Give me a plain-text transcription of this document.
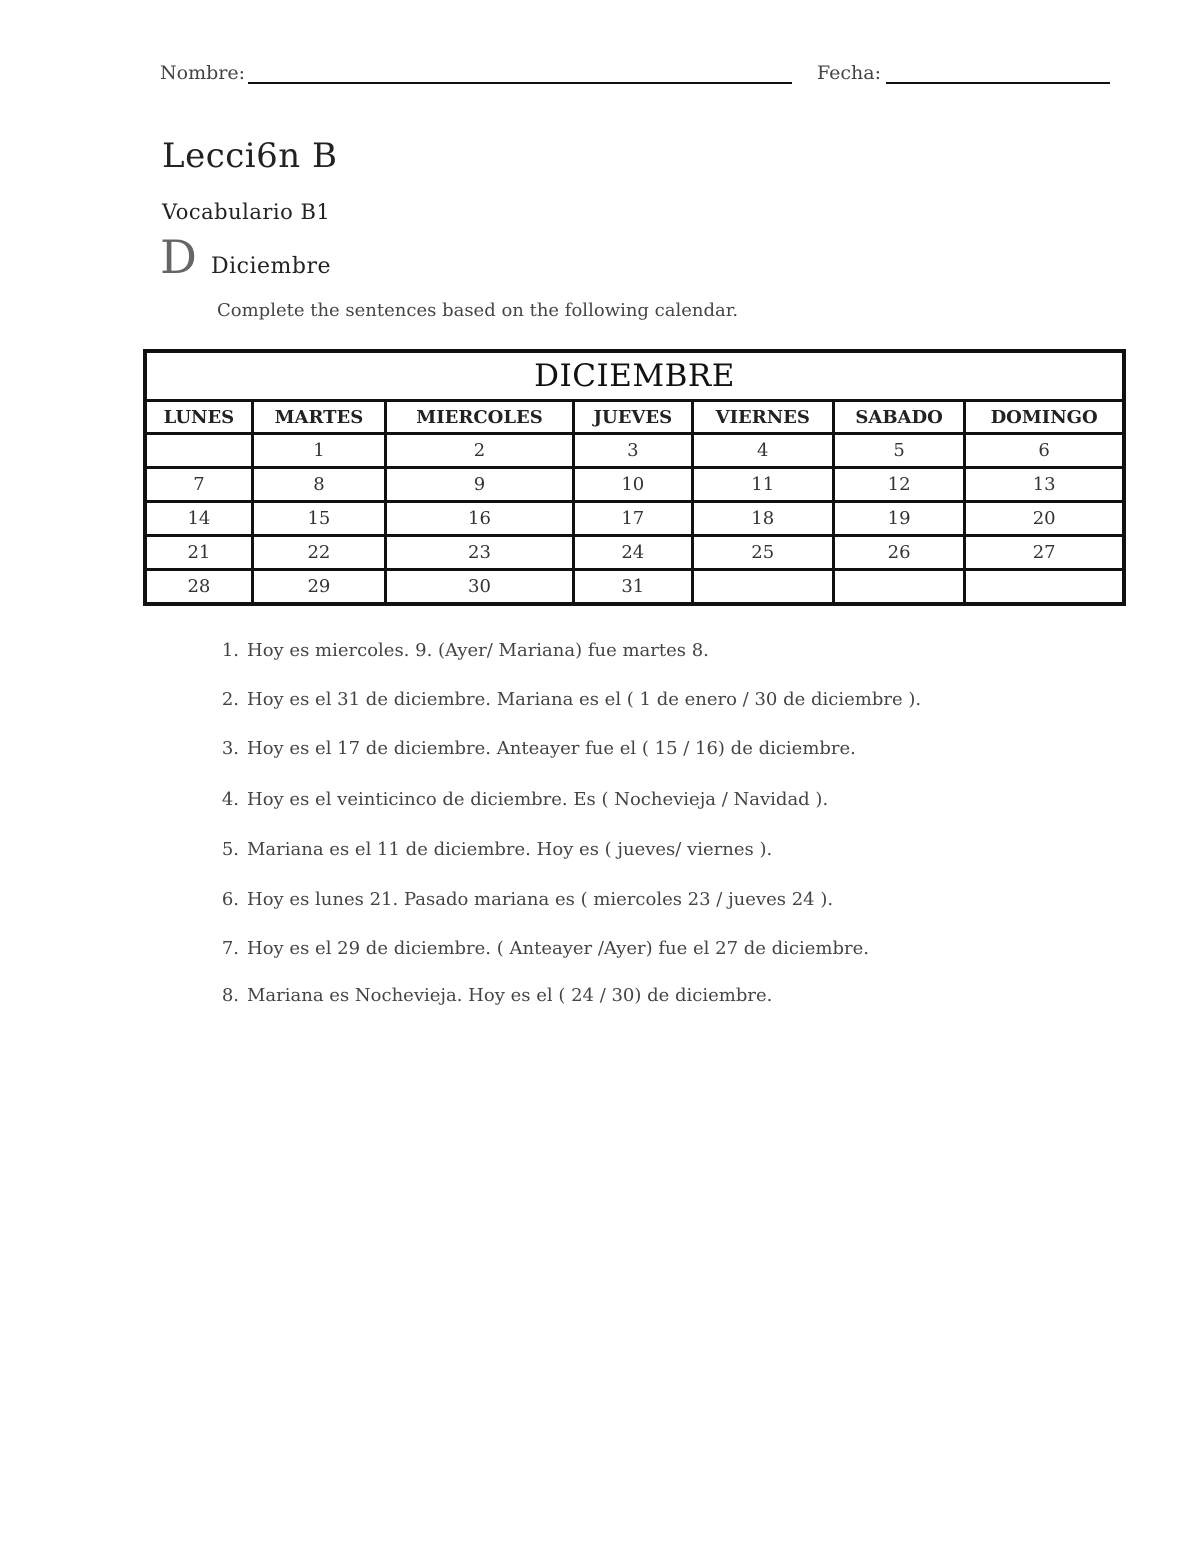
Nombre:	Fecha:
Lecci6n B
Vocabulario B1
D Diciembre
Complete the sentences based on the following calendar.
DICIEMBRE						
LUNES	MARTES	MIERCOLES	JUEVES	VIERNES	SABADO	DOMINGO
	1	2	3	4	5	6
7	8	9	10	11	12	13
14	15	16	17	18	19	20
21	22	23	24	25	26	27
28	29	30	31			
1. Hoy es miercoles. 9. (Ayer/ Mariana) fue martes 8.
2. Hoy es el 31 de diciembre. Mariana es el ( 1 de enero / 30 de diciembre ).
3. Hoy es el 17 de diciembre. Anteayer fue el ( 15 / 16) de diciembre.
4. Hoy es el veinticinco de diciembre. Es ( Nochevieja / Navidad ).
5. Mariana es el 11 de diciembre. Hoy es ( jueves/ viernes ).
6. Hoy es lunes 21. Pasado mariana es ( miercoles 23 / jueves 24 ).
7. Hoy es el 29 de diciembre. ( Anteayer /Ayer) fue el 27 de diciembre.
8. Mariana es Nochevieja. Hoy es el ( 24 / 30) de diciembre.
